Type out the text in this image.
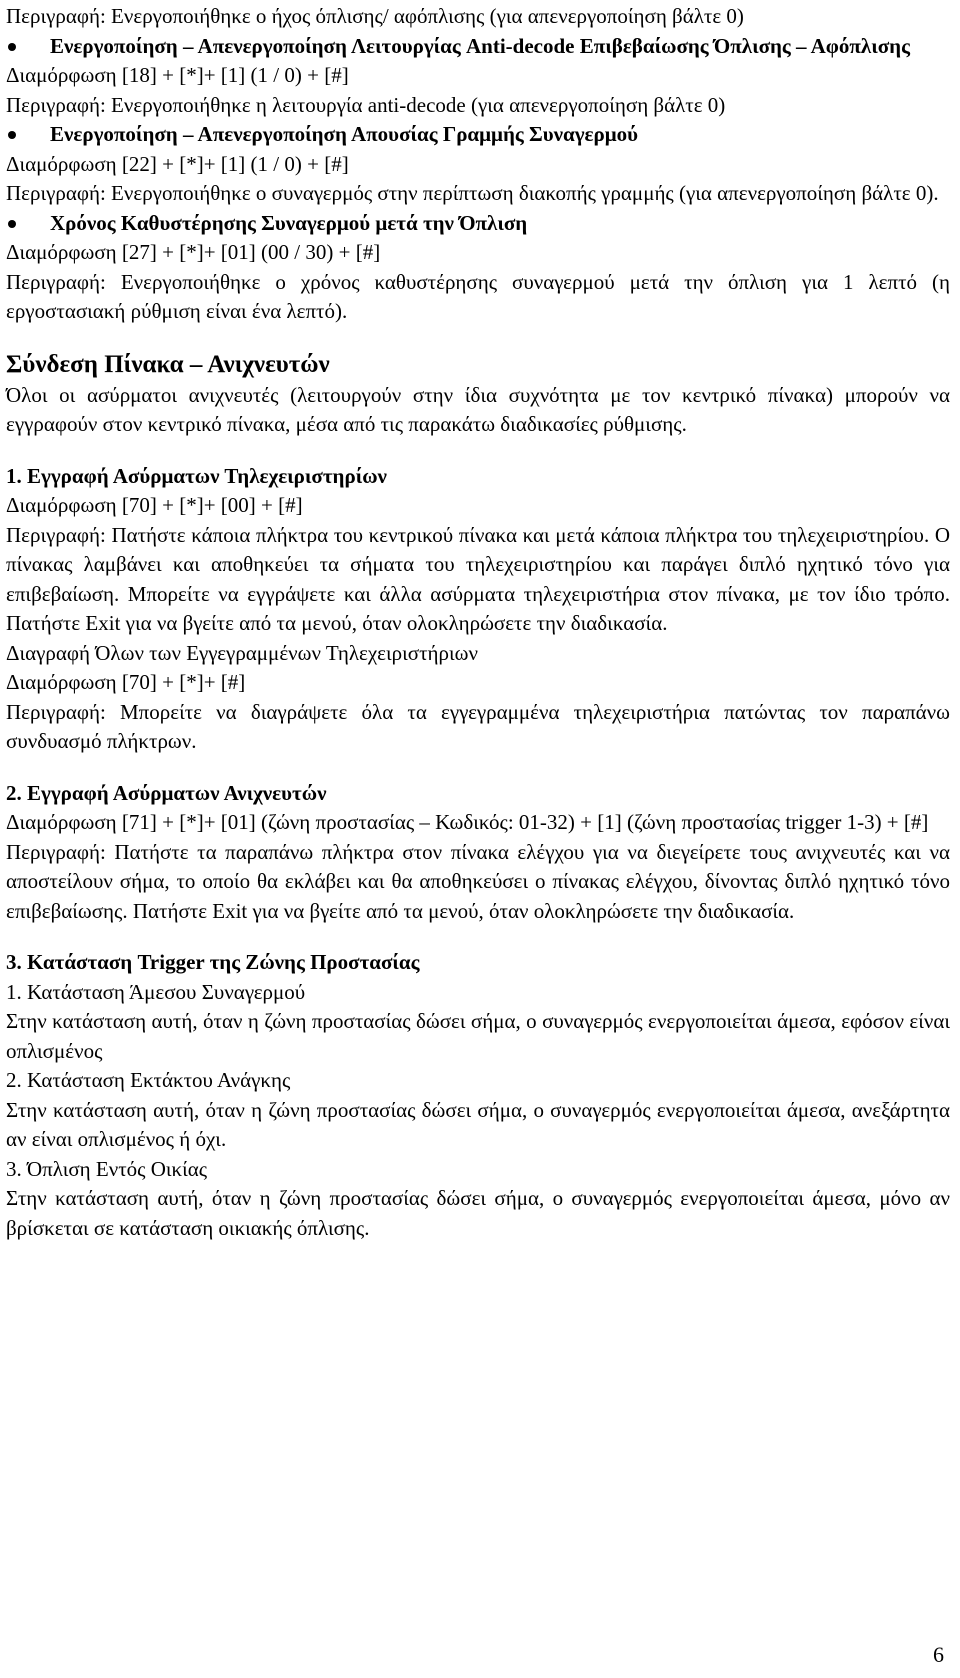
Περιγραφή: Ενεργοποιήθηκε ο ήχος όπλισης/ αφόπλισης (για απενεργοποίηση βάλτε 0)

Ενεργοποίηση – Απενεργοποίηση Λειτουργίας Anti-decode Επιβεβαίωσης Όπλισης – Αφόπλισης

Διαμόρφωση [18] + [*]+ [1] (1 / 0) + [#]

Περιγραφή: Ενεργοποιήθηκε η λειτουργία anti-decode (για απενεργοποίηση βάλτε 0)

Ενεργοποίηση – Απενεργοποίηση Απουσίας Γραμμής Συναγερμού

Διαμόρφωση [22] + [*]+ [1] (1 / 0) + [#]

Περιγραφή: Ενεργοποιήθηκε ο συναγερμός στην περίπτωση διακοπής γραμμής (για απενεργοποίηση βάλτε 0).

Χρόνος Καθυστέρησης Συναγερμού μετά την Όπλιση

Διαμόρφωση [27] + [*]+ [01] (00 / 30) + [#]

Περιγραφή: Ενεργοποιήθηκε ο χρόνος καθυστέρησης συναγερμού μετά την όπλιση για 1 λεπτό (η εργοστασιακή ρύθμιση είναι ένα λεπτό).

Σύνδεση Πίνακα – Ανιχνευτών

Όλοι οι ασύρματοι ανιχνευτές (λειτουργούν στην ίδια συχνότητα με τον κεντρικό πίνακα) μπορούν να εγγραφούν στον κεντρικό πίνακα, μέσα από τις παρακάτω διαδικασίες ρύθμισης.

1. Εγγραφή Ασύρματων Τηλεχειριστηρίων

Διαμόρφωση [70] + [*]+ [00] + [#]

Περιγραφή: Πατήστε κάποια πλήκτρα του κεντρικού πίνακα και μετά κάποια πλήκτρα του τηλεχειριστηρίου. Ο πίνακας λαμβάνει και αποθηκεύει τα σήματα του τηλεχειριστηρίου και παράγει διπλό ηχητικό τόνο για επιβεβαίωση. Μπορείτε να εγγράψετε και άλλα ασύρματα τηλεχειριστήρια στον πίνακα, με τον ίδιο τρόπο. Πατήστε Exit για να βγείτε από τα μενού, όταν ολοκληρώσετε την διαδικασία.

Διαγραφή Όλων των Εγγεγραμμένων Τηλεχειριστήριων

Διαμόρφωση [70] + [*]+ [#]

Περιγραφή: Μπορείτε να διαγράψετε όλα τα εγγεγραμμένα τηλεχειριστήρια πατώντας τον παραπάνω συνδυασμό πλήκτρων.

2. Εγγραφή Ασύρματων Ανιχνευτών

Διαμόρφωση [71] + [*]+ [01] (ζώνη προστασίας – Κωδικός: 01-32) + [1] (ζώνη προστασίας trigger 1-3) + [#]

Περιγραφή: Πατήστε τα παραπάνω πλήκτρα στον πίνακα ελέγχου για να διεγείρετε τους ανιχνευτές και να αποστείλουν σήμα, το οποίο θα εκλάβει και θα αποθηκεύσει ο πίνακας ελέγχου, δίνοντας διπλό ηχητικό τόνο επιβεβαίωσης. Πατήστε Exit για να βγείτε από τα μενού, όταν ολοκληρώσετε την διαδικασία.

3. Κατάσταση Trigger της Ζώνης Προστασίας

1. Κατάσταση Άμεσου Συναγερμού

Στην κατάσταση αυτή, όταν η ζώνη προστασίας δώσει σήμα, ο συναγερμός ενεργοποιείται άμεσα, εφόσον είναι οπλισμένος

2. Κατάσταση Εκτάκτου Ανάγκης

Στην κατάσταση αυτή, όταν η ζώνη προστασίας δώσει σήμα, ο συναγερμός ενεργοποιείται άμεσα, ανεξάρτητα αν είναι οπλισμένος ή όχι.

3. Όπλιση Εντός Οικίας

Στην κατάσταση αυτή, όταν η ζώνη προστασίας δώσει σήμα, ο συναγερμός ενεργοποιείται άμεσα, μόνο αν βρίσκεται σε κατάσταση οικιακής όπλισης.

6
